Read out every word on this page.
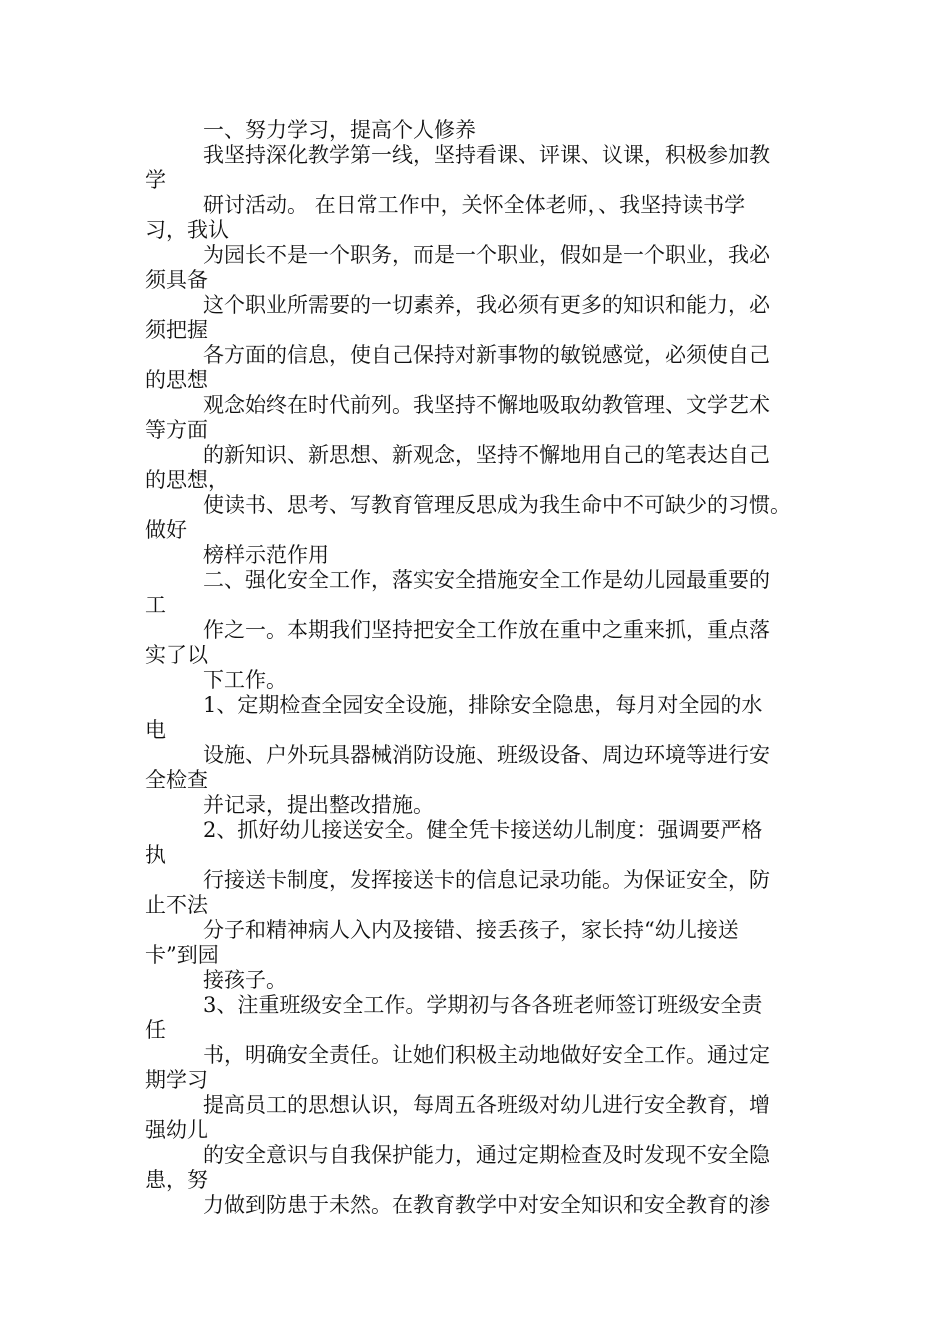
一、努力学习，提高个人修养

我坚持深化教学第一线，坚持看课、评课、议课，积极参加教

学

研讨活动。 在日常工作中，关怀全体老师，、我坚持读书学

习，我认

为园长不是一个职务，而是一个职业，假如是一个职业，我必

须具备

这个职业所需要的一切素养，我必须有更多的知识和能力，必

须把握

各方面的信息，使自己保持对新事物的敏锐感觉，必须使自己

的思想

观念始终在时代前列。我坚持不懈地吸取幼教管理、文学艺术

等方面

的新知识、新思想、新观念，坚持不懈地用自己的笔表达自己

的思想，

使读书、思考、写教育管理反思成为我生命中不可缺少的习惯。

做好

榜样示范作用

二、强化安全工作，落实安全措施安全工作是幼儿园最重要的

工

作之一。本期我们坚持把安全工作放在重中之重来抓，重点落

实了以

下工作。

1、定期检查全园安全设施，排除安全隐患，每月对全园的水

电

设施、户外玩具器械消防设施、班级设备、周边环境等进行安

全检查

并记录，提出整改措施。

2、抓好幼儿接送安全。健全凭卡接送幼儿制度：强调要严格

执

行接送卡制度，发挥接送卡的信息记录功能。为保证安全，防

止不法

分子和精神病人入内及接错、接丢孩子，家长持“幼儿接送

卡”到园

接孩子。

3、注重班级安全工作。学期初与各各班老师签订班级安全责

任

书，明确安全责任。让她们积极主动地做好安全工作。通过定

期学习

提高员工的思想认识，每周五各班级对幼儿进行安全教育，增

强幼儿

的安全意识与自我保护能力，通过定期检查及时发现不安全隐

患，努

力做到防患于未然。在教育教学中对安全知识和安全教育的渗
